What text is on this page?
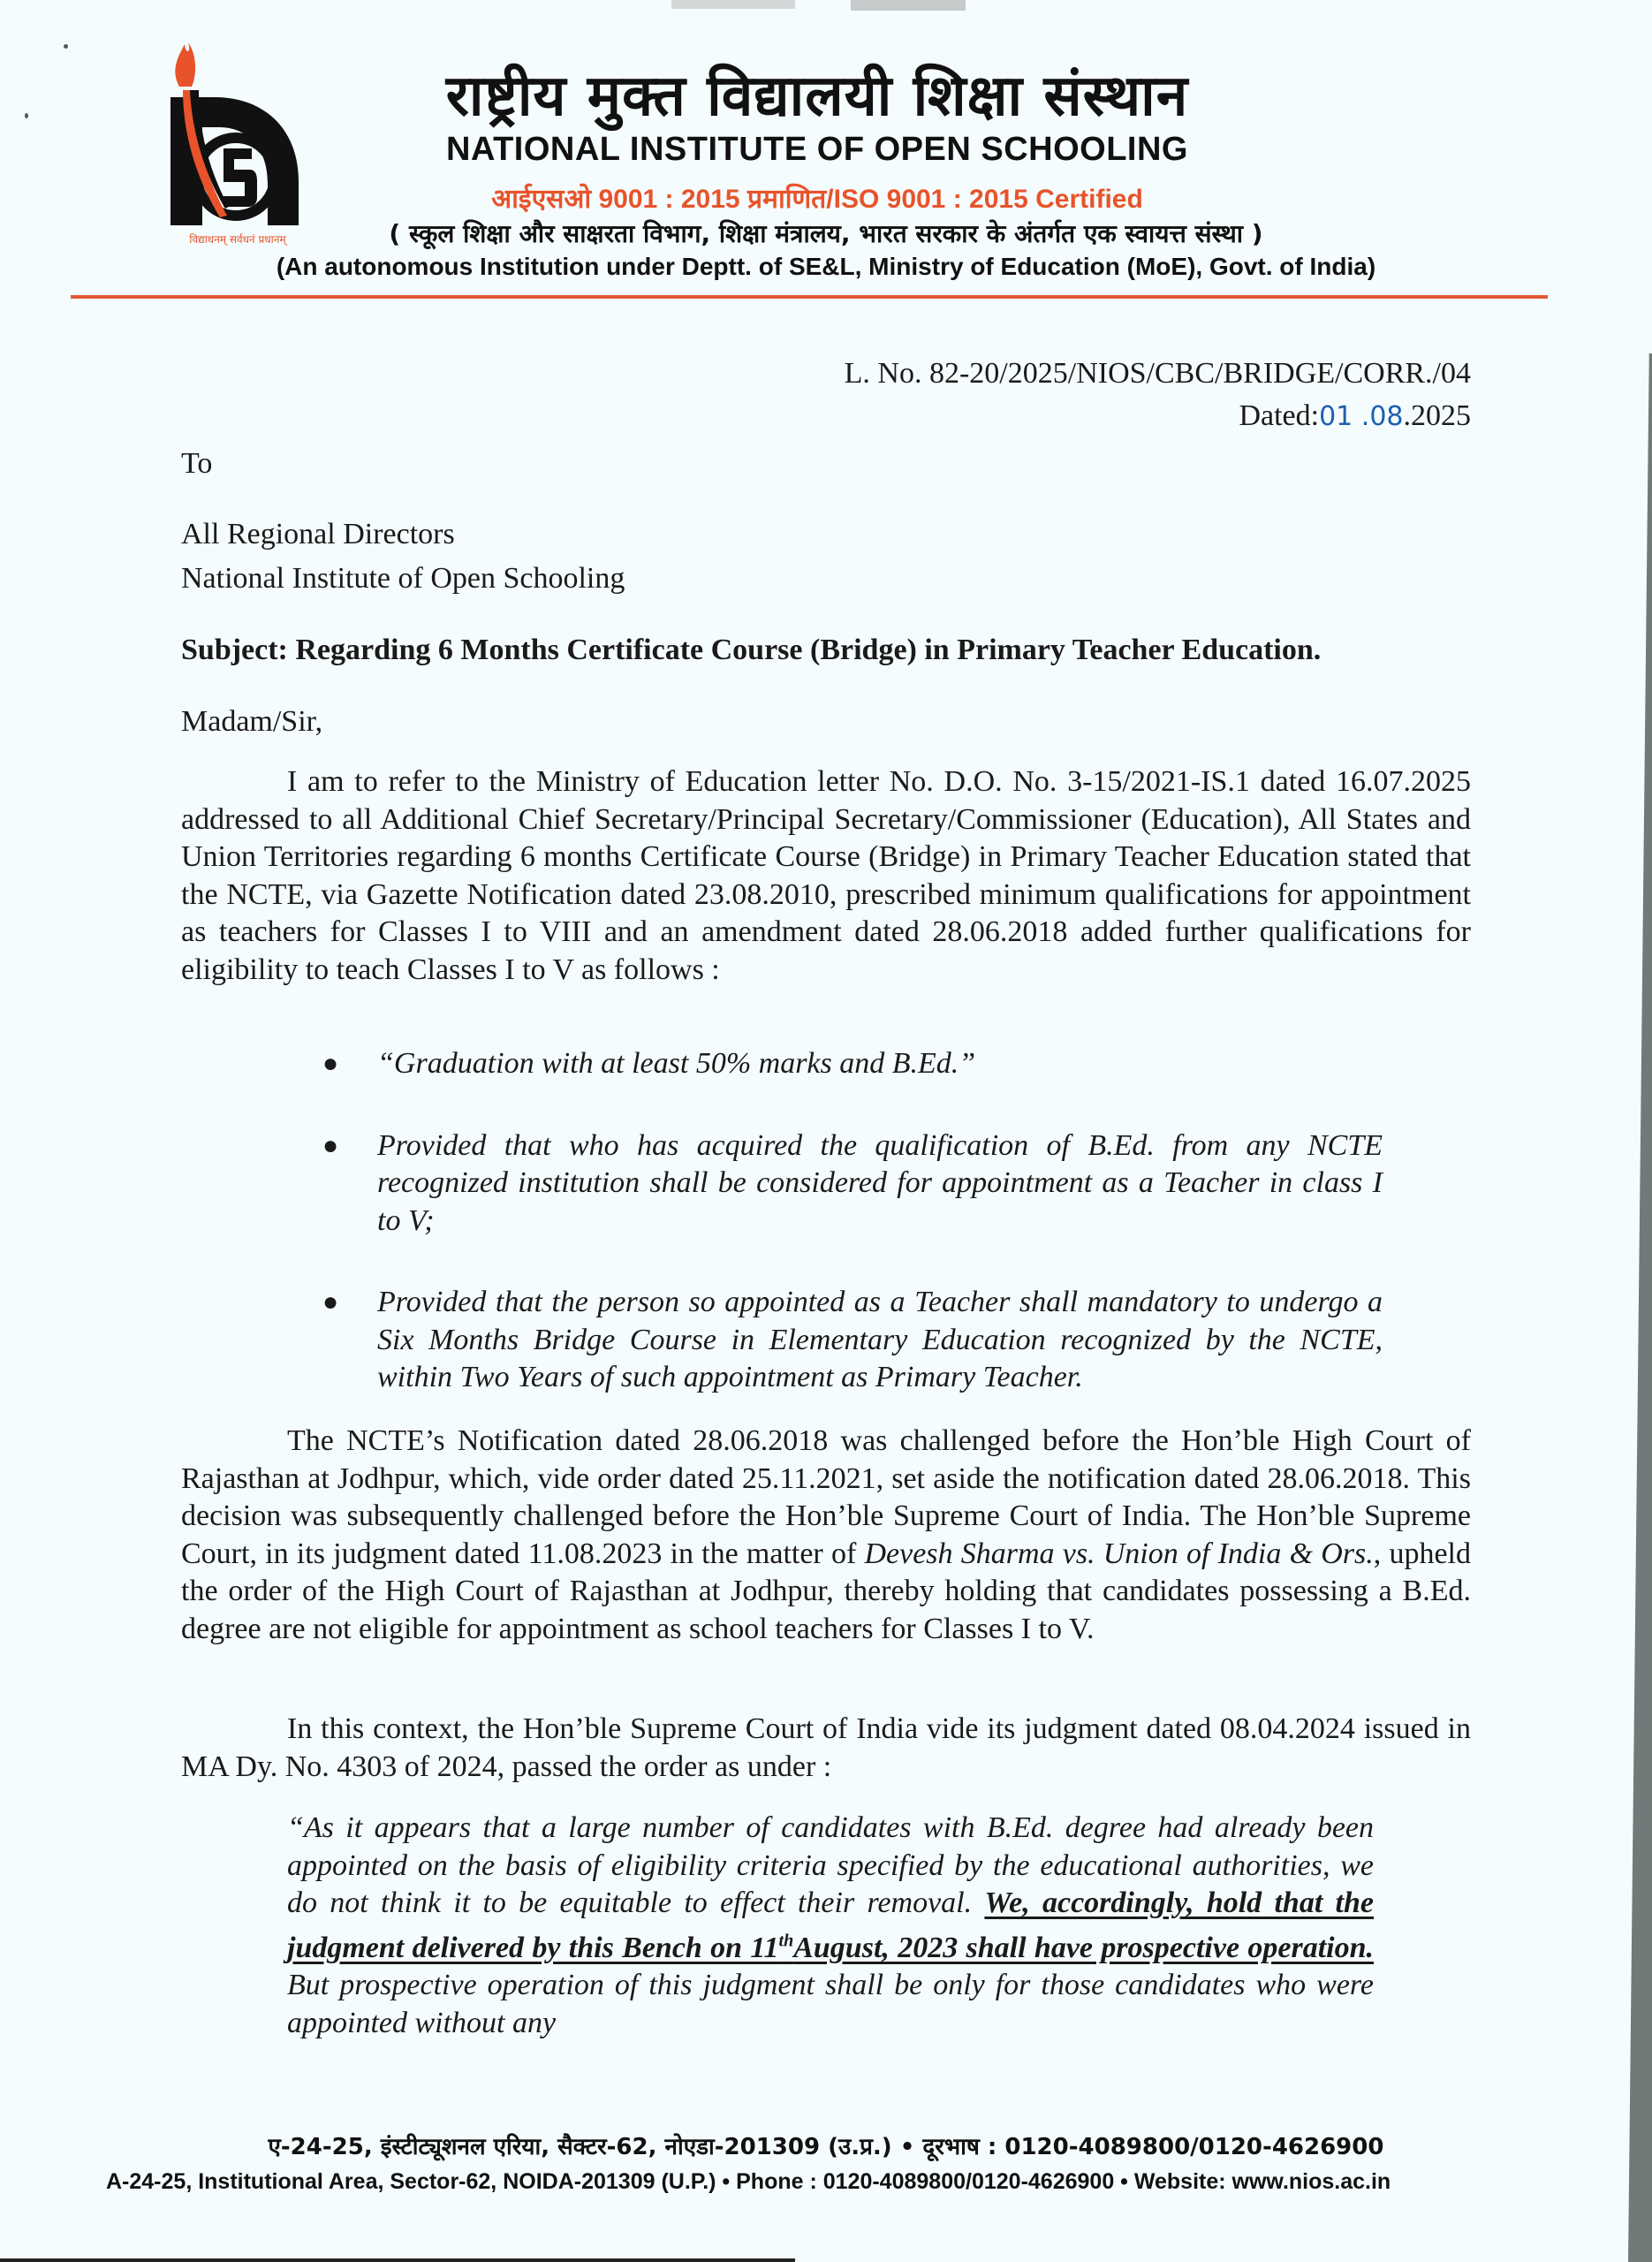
विद्याधनम् सर्वधनं प्रधानम्
राष्ट्रीय मुक्त विद्यालयी शिक्षा संस्थान
NATIONAL INSTITUTE OF OPEN SCHOOLING
आईएसओ 9001 : 2015 प्रमाणित/ISO 9001 : 2015 Certified
( स्कूल शिक्षा और साक्षरता विभाग, शिक्षा मंत्रालय, भारत सरकार के अंतर्गत एक स्वायत्त संस्था )
(An autonomous Institution under Deptt. of SE&L, Ministry of Education (MoE), Govt. of India)
L. No. 82-20/2025/NIOS/CBC/BRIDGE/CORR./04
Dated:01 .08.2025
To
All Regional Directors
National Institute of Open Schooling
Subject: Regarding 6 Months Certificate Course (Bridge) in Primary Teacher Education.
Madam/Sir,
I am to refer to the Ministry of Education letter No. D.O. No. 3-15/2021-IS.1 dated 16.07.2025 addressed to all Additional Chief Secretary/Principal Secretary/Commissioner (Education), All States and Union Territories regarding 6 months Certificate Course (Bridge) in Primary Teacher Education stated that the NCTE, via Gazette Notification dated 23.08.2010, prescribed minimum qualifications for appointment as teachers for Classes I to VIII and an amendment dated 28.06.2018 added further qualifications for eligibility to teach Classes I to V as follows :
●	“Graduation with at least 50% marks and B.Ed.”
●	Provided that who has acquired the qualification of B.Ed. from any NCTE recognized institution shall be considered for appointment as a Teacher in class I to V;
●	Provided that the person so appointed as a Teacher shall mandatory to undergo a Six Months Bridge Course in Elementary Education recognized by the NCTE, within Two Years of such appointment as Primary Teacher.
The NCTE’s Notification dated 28.06.2018 was challenged before the Hon’ble High Court of Rajasthan at Jodhpur, which, vide order dated 25.11.2021, set aside the notification dated 28.06.2018. This decision was subsequently challenged before the Hon’ble Supreme Court of India. The Hon’ble Supreme Court, in its judgment dated 11.08.2023 in the matter of Devesh Sharma vs. Union of India & Ors., upheld the order of the High Court of Rajasthan at Jodhpur, thereby holding that candidates possessing a B.Ed. degree are not eligible for appointment as school teachers for Classes I to V.
In this context, the Hon’ble Supreme Court of India vide its judgment dated 08.04.2024 issued in MA Dy. No. 4303 of 2024, passed the order as under :
“As it appears that a large number of candidates with B.Ed. degree had already been appointed on the basis of eligibility criteria specified by the educational authorities, we do not think it to be equitable to effect their removal. We, accordingly, hold that the judgment delivered by this Bench on 11thAugust, 2023 shall have prospective operation. But prospective operation of this judgment shall be only for those candidates who were appointed without any
ए-24-25, इंस्टीट्यूशनल एरिया, सैक्टर-62, नोएडा-201309 (उ.प्र.) • दूरभाष : 0120-4089800/0120-4626900
A-24-25, Institutional Area, Sector-62, NOIDA-201309 (U.P.) • Phone : 0120-4089800/0120-4626900 • Website: www.nios.ac.in
